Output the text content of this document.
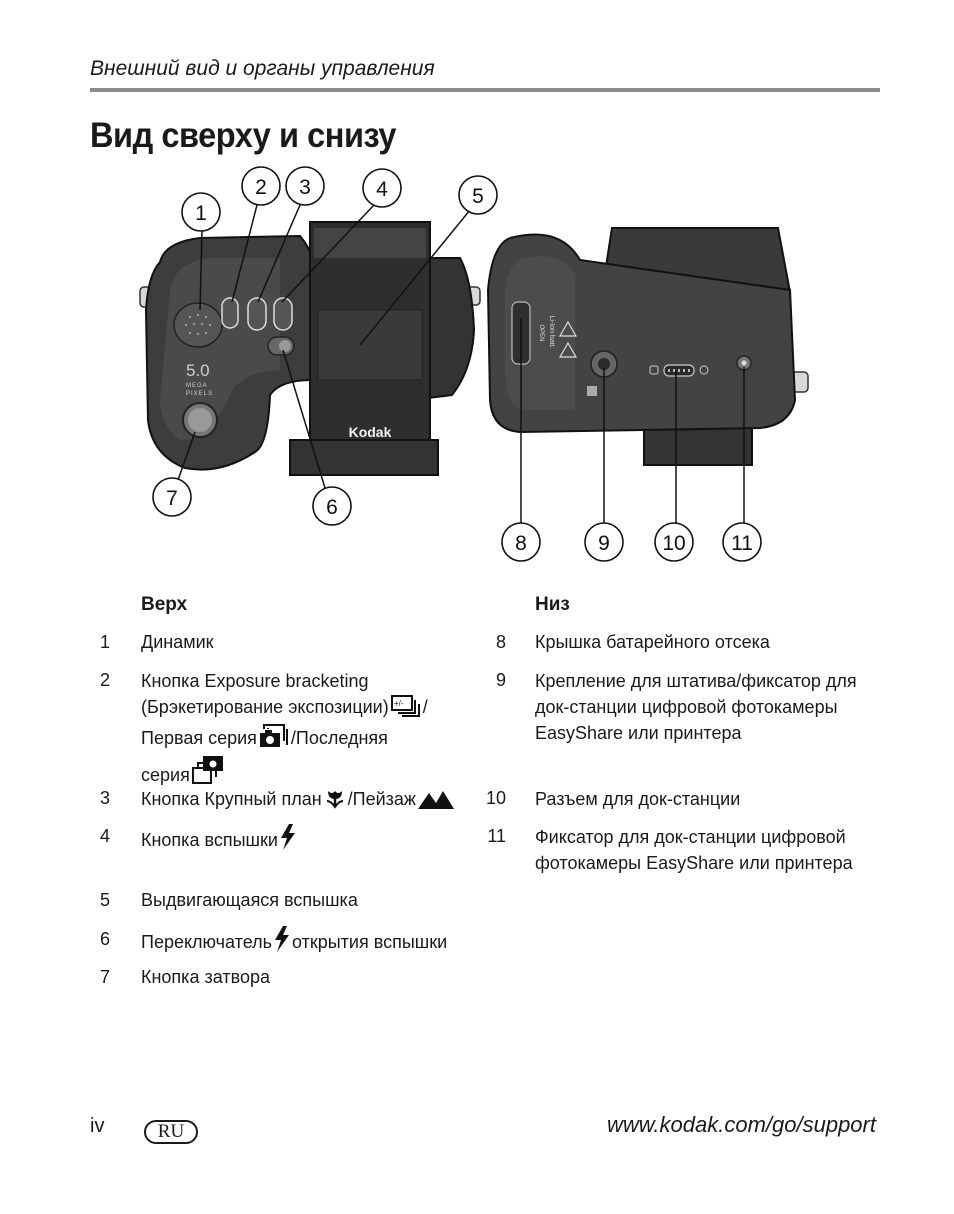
Внешний вид и органы управления
Вид сверху и снизу
Kodak
5.0
MEGA
PIXELS
OPEN Li-Ion batt.
1
2 3	4	5
6
7
8	9 10 11
Верх
1 Динамик
2 Кнопка Exposure bracketing
(Брэкетирование экспозиции) +/- /
Первая серия /Последняя
серия
3 Кнопка Крупный план /Пейзаж
4 Кнопка вспышки
5 Выдвигающаяся вспышка
6 Переключатель открытия вспышки
7 Кнопка затвора
Низ
8 Крышка батарейного отсека
9 Крепление для штатива/фиксатор для
док-станции цифровой фотокамеры
EasyShare или принтера
10 Разъем для док-станции
11 Фиксатор для док-станции цифровой
фотокамеры EasyShare или принтера
iv	RU	www.kodak.com/go/support
